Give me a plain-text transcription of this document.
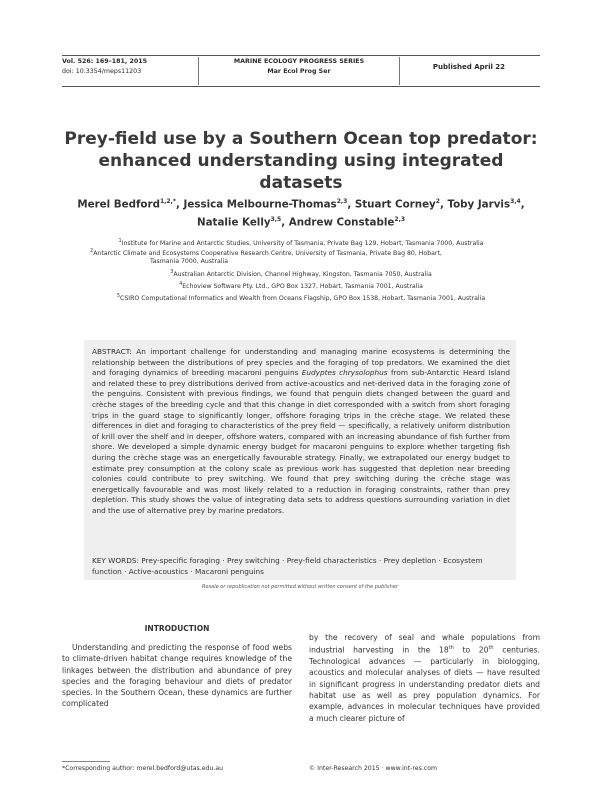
Vol. 526: 169–181, 2015
doi: 10.3354/meps11203
MARINE ECOLOGY PROGRESS SERIES
Mar Ecol Prog Ser
Published April 22
Prey-field use by a Southern Ocean top predator:
enhanced understanding using integrated datasets
Merel Bedford$^{1,2,*}$, Jessica Melbourne-Thomas$^{2,3}$, Stuart Corney$^2$, Toby Jarvis$^{3,4}$,
Natalie Kelly$^{3,5}$, Andrew Constable$^{2,3}$
$^1$Institute for Marine and Antarctic Studies, University of Tasmania, Private Bag 129, Hobart, Tasmania 7000, Australia
$^2$Antarctic Climate and Ecosystems Cooperative Research Centre, University of Tasmania, Private Bag 80, Hobart,
Tasmania 7000, Australia
$^3$Australian Antarctic Division, Channel Highway, Kingston, Tasmania 7050, Australia
$^4$Echoview Software Pty. Ltd., GPO Box 1327, Hobart, Tasmania 7001, Australia
$^5$CSIRO Computational Informatics and Wealth from Oceans Flagship, GPO Box 1538, Hobart, Tasmania 7001, Australia
ABSTRACT: An important challenge for understanding and managing marine ecosystems is determining the relationship between the distributions of prey species and the foraging of top predators. We examined the diet and foraging dynamics of breeding macaroni penguins Eudyptes chrysolophus from sub-Antarctic Heard Island and related these to prey distributions derived from active-acoustics and net-derived data in the foraging zone of the penguins. Consistent with previous findings, we found that penguin diets changed between the guard and crèche stages of the breeding cycle and that this change in diet corresponded with a switch from short foraging trips in the guard stage to significantly longer, offshore foraging trips in the crèche stage. We related these differences in diet and foraging to characteristics of the prey field — specifically, a relatively uniform distribution of krill over the shelf and in deeper, offshore waters, compared with an increasing abundance of fish further from shore. We developed a simple dynamic energy budget for macaroni penguins to explore whether targeting fish during the crèche stage was an energetically favourable strategy. Finally, we extrapolated our energy budget to estimate prey consumption at the colony scale as previous work has suggested that depletion near breeding colonies could contribute to prey switching. We found that prey switching during the crèche stage was energetically favourable and was most likely related to a reduction in foraging constraints, rather than prey depletion. This study shows the value of integrating data sets to address questions surrounding variation in diet and the use of alternative prey by marine predators.
KEY WORDS: Prey-specific foraging · Prey switching · Prey-field characteristics · Prey depletion · Ecosystem function · Active-acoustics · Macaroni penguins
Resale or republication not permitted without written consent of the publisher
INTRODUCTION
Understanding and predicting the response of food webs to climate-driven habitat change requires knowledge of the linkages between the distribution and abundance of prey species and the foraging behaviour and diets of predator species. In the Southern Ocean, these dynamics are further complicated
by the recovery of seal and whale populations from industrial harvesting in the 18th to 20th centuries. Technological advances — particularly in biologging, acoustics and molecular analyses of diets — have resulted in significant progress in understanding predator diets and habitat use as well as prey population dynamics. For example, advances in molecular techniques have provided a much clearer picture of
*Corresponding author: merel.bedford@utas.edu.au	© Inter-Research 2015 · www.int-res.com
